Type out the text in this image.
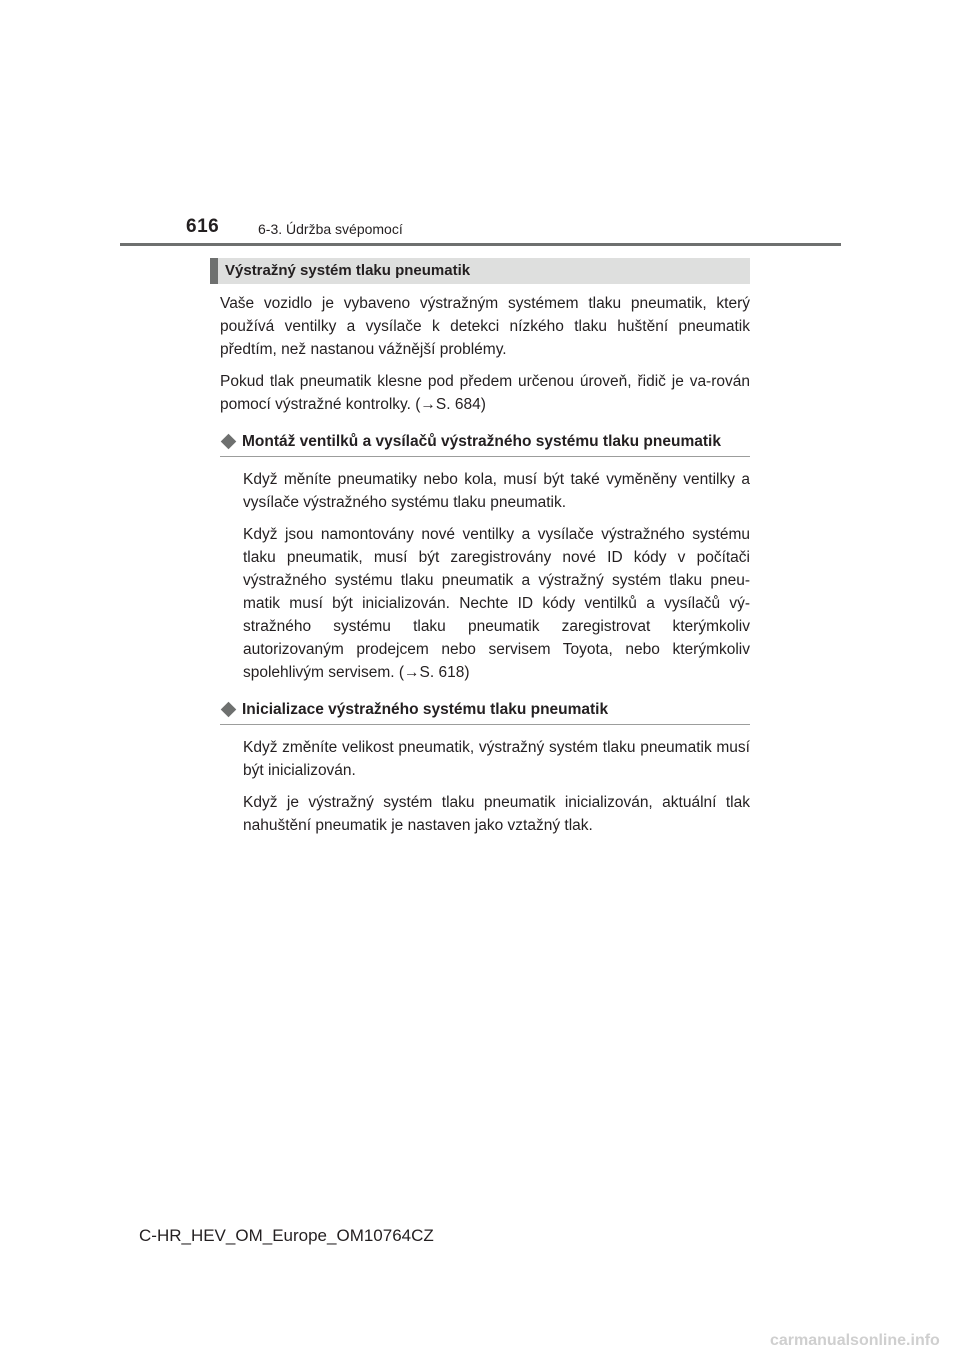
616	6-3. Údržba svépomocí
Výstražný systém tlaku pneumatik

Vaše vozidlo je vybaveno výstražným systémem tlaku pneumatik, který používá ventilky a vysílače k detekci nízkého tlaku huštění pneumatik předtím, než nastanou vážnější problémy.

Pokud tlak pneumatik klesne pod předem určenou úroveň, řidič je va-rován pomocí výstražné kontrolky. (→S. 684)

Montáž ventilků a vysílačů výstražného systému tlaku pneumatik

Když měníte pneumatiky nebo kola, musí být také vyměněny ventilky a vysílače výstražného systému tlaku pneumatik.

Když jsou namontovány nové ventilky a vysílače výstražného systému tlaku pneumatik, musí být zaregistrovány nové ID kódy v počítači výstražného systému tlaku pneumatik a výstražný systém tlaku pneu-matik musí být inicializován. Nechte ID kódy ventilků a vysílačů vý-stražného systému tlaku pneumatik zaregistrovat kterýmkoliv autorizovaným prodejcem nebo servisem Toyota, nebo kterýmkoliv spolehlivým servisem. (→S. 618)

Inicializace výstražného systému tlaku pneumatik

Když změníte velikost pneumatik, výstražný systém tlaku pneumatik musí být inicializován.

Když je výstražný systém tlaku pneumatik inicializován, aktuální tlak nahuštění pneumatik je nastaven jako vztažný tlak.

C-HR_HEV_OM_Europe_OM10764CZ
carmanualsonline.info
